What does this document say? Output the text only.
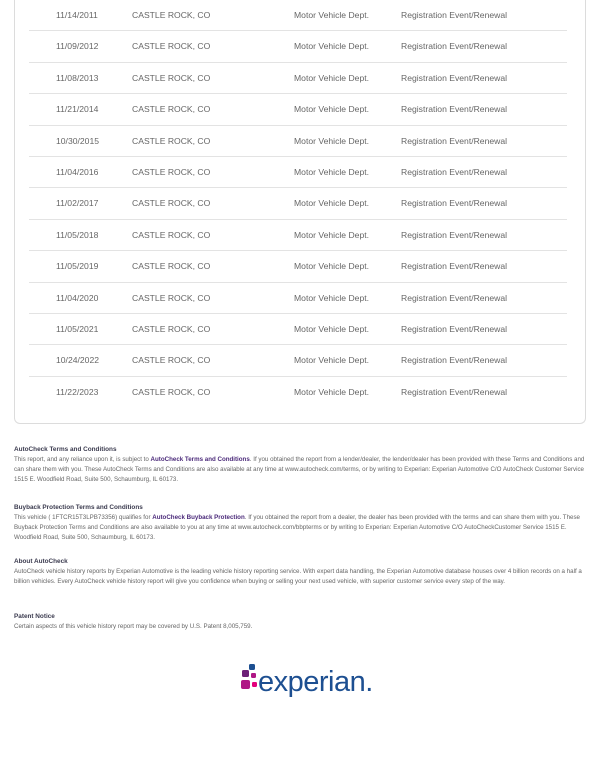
11/14/2011	CASTLE ROCK, CO	Motor Vehicle Dept.	Registration Event/Renewal
11/09/2012	CASTLE ROCK, CO	Motor Vehicle Dept.	Registration Event/Renewal
11/08/2013	CASTLE ROCK, CO	Motor Vehicle Dept.	Registration Event/Renewal
11/21/2014	CASTLE ROCK, CO	Motor Vehicle Dept.	Registration Event/Renewal
10/30/2015	CASTLE ROCK, CO	Motor Vehicle Dept.	Registration Event/Renewal
11/04/2016	CASTLE ROCK, CO	Motor Vehicle Dept.	Registration Event/Renewal
11/02/2017	CASTLE ROCK, CO	Motor Vehicle Dept.	Registration Event/Renewal
11/05/2018	CASTLE ROCK, CO	Motor Vehicle Dept.	Registration Event/Renewal
11/05/2019	CASTLE ROCK, CO	Motor Vehicle Dept.	Registration Event/Renewal
11/04/2020	CASTLE ROCK, CO	Motor Vehicle Dept.	Registration Event/Renewal
11/05/2021	CASTLE ROCK, CO	Motor Vehicle Dept.	Registration Event/Renewal
10/24/2022	CASTLE ROCK, CO	Motor Vehicle Dept.	Registration Event/Renewal
11/22/2023	CASTLE ROCK, CO	Motor Vehicle Dept.	Registration Event/Renewal
AutoCheck Terms and Conditions

This report, and any reliance upon it, is subject to AutoCheck Terms and Conditions. If you obtained the report from a lender/dealer, the lender/dealer has been provided with these Terms and Conditions and can share them with you. These AutoCheck Terms and Conditions are also available at any time at www.autocheck.com/terms, or by writing to Experian: Experian Automotive C/O AutoCheck Customer Service 1515 E. Woodfield Road, Suite 500, Schaumburg, IL 60173.

Buyback Protection Terms and Conditions

This vehicle ( 1FTCR15T3LPB73356) qualifies for AutoCheck Buyback Protection. If you obtained the report from a dealer, the dealer has been provided with the terms and can share them with you. These Buyback Protection Terms and Conditions are also available to you at any time at www.autocheck.com/bbpterms or by writing to Experian: Experian Automotive C/O AutoCheckCustomer Service 1515 E. Woodfield Road, Suite 500, Schaumburg, IL 60173.

About AutoCheck

AutoCheck vehicle history reports by Experian Automotive is the leading vehicle history reporting service. With expert data handling, the Experian Automotive database houses over 4 billion records on a half a billion vehicles. Every AutoCheck vehicle history report will give you confidence when buying or selling your next used vehicle, with superior customer service every step of the way.

Patent Notice

Certain aspects of this vehicle history report may be covered by U.S. Patent 8,005,759.

experian.
